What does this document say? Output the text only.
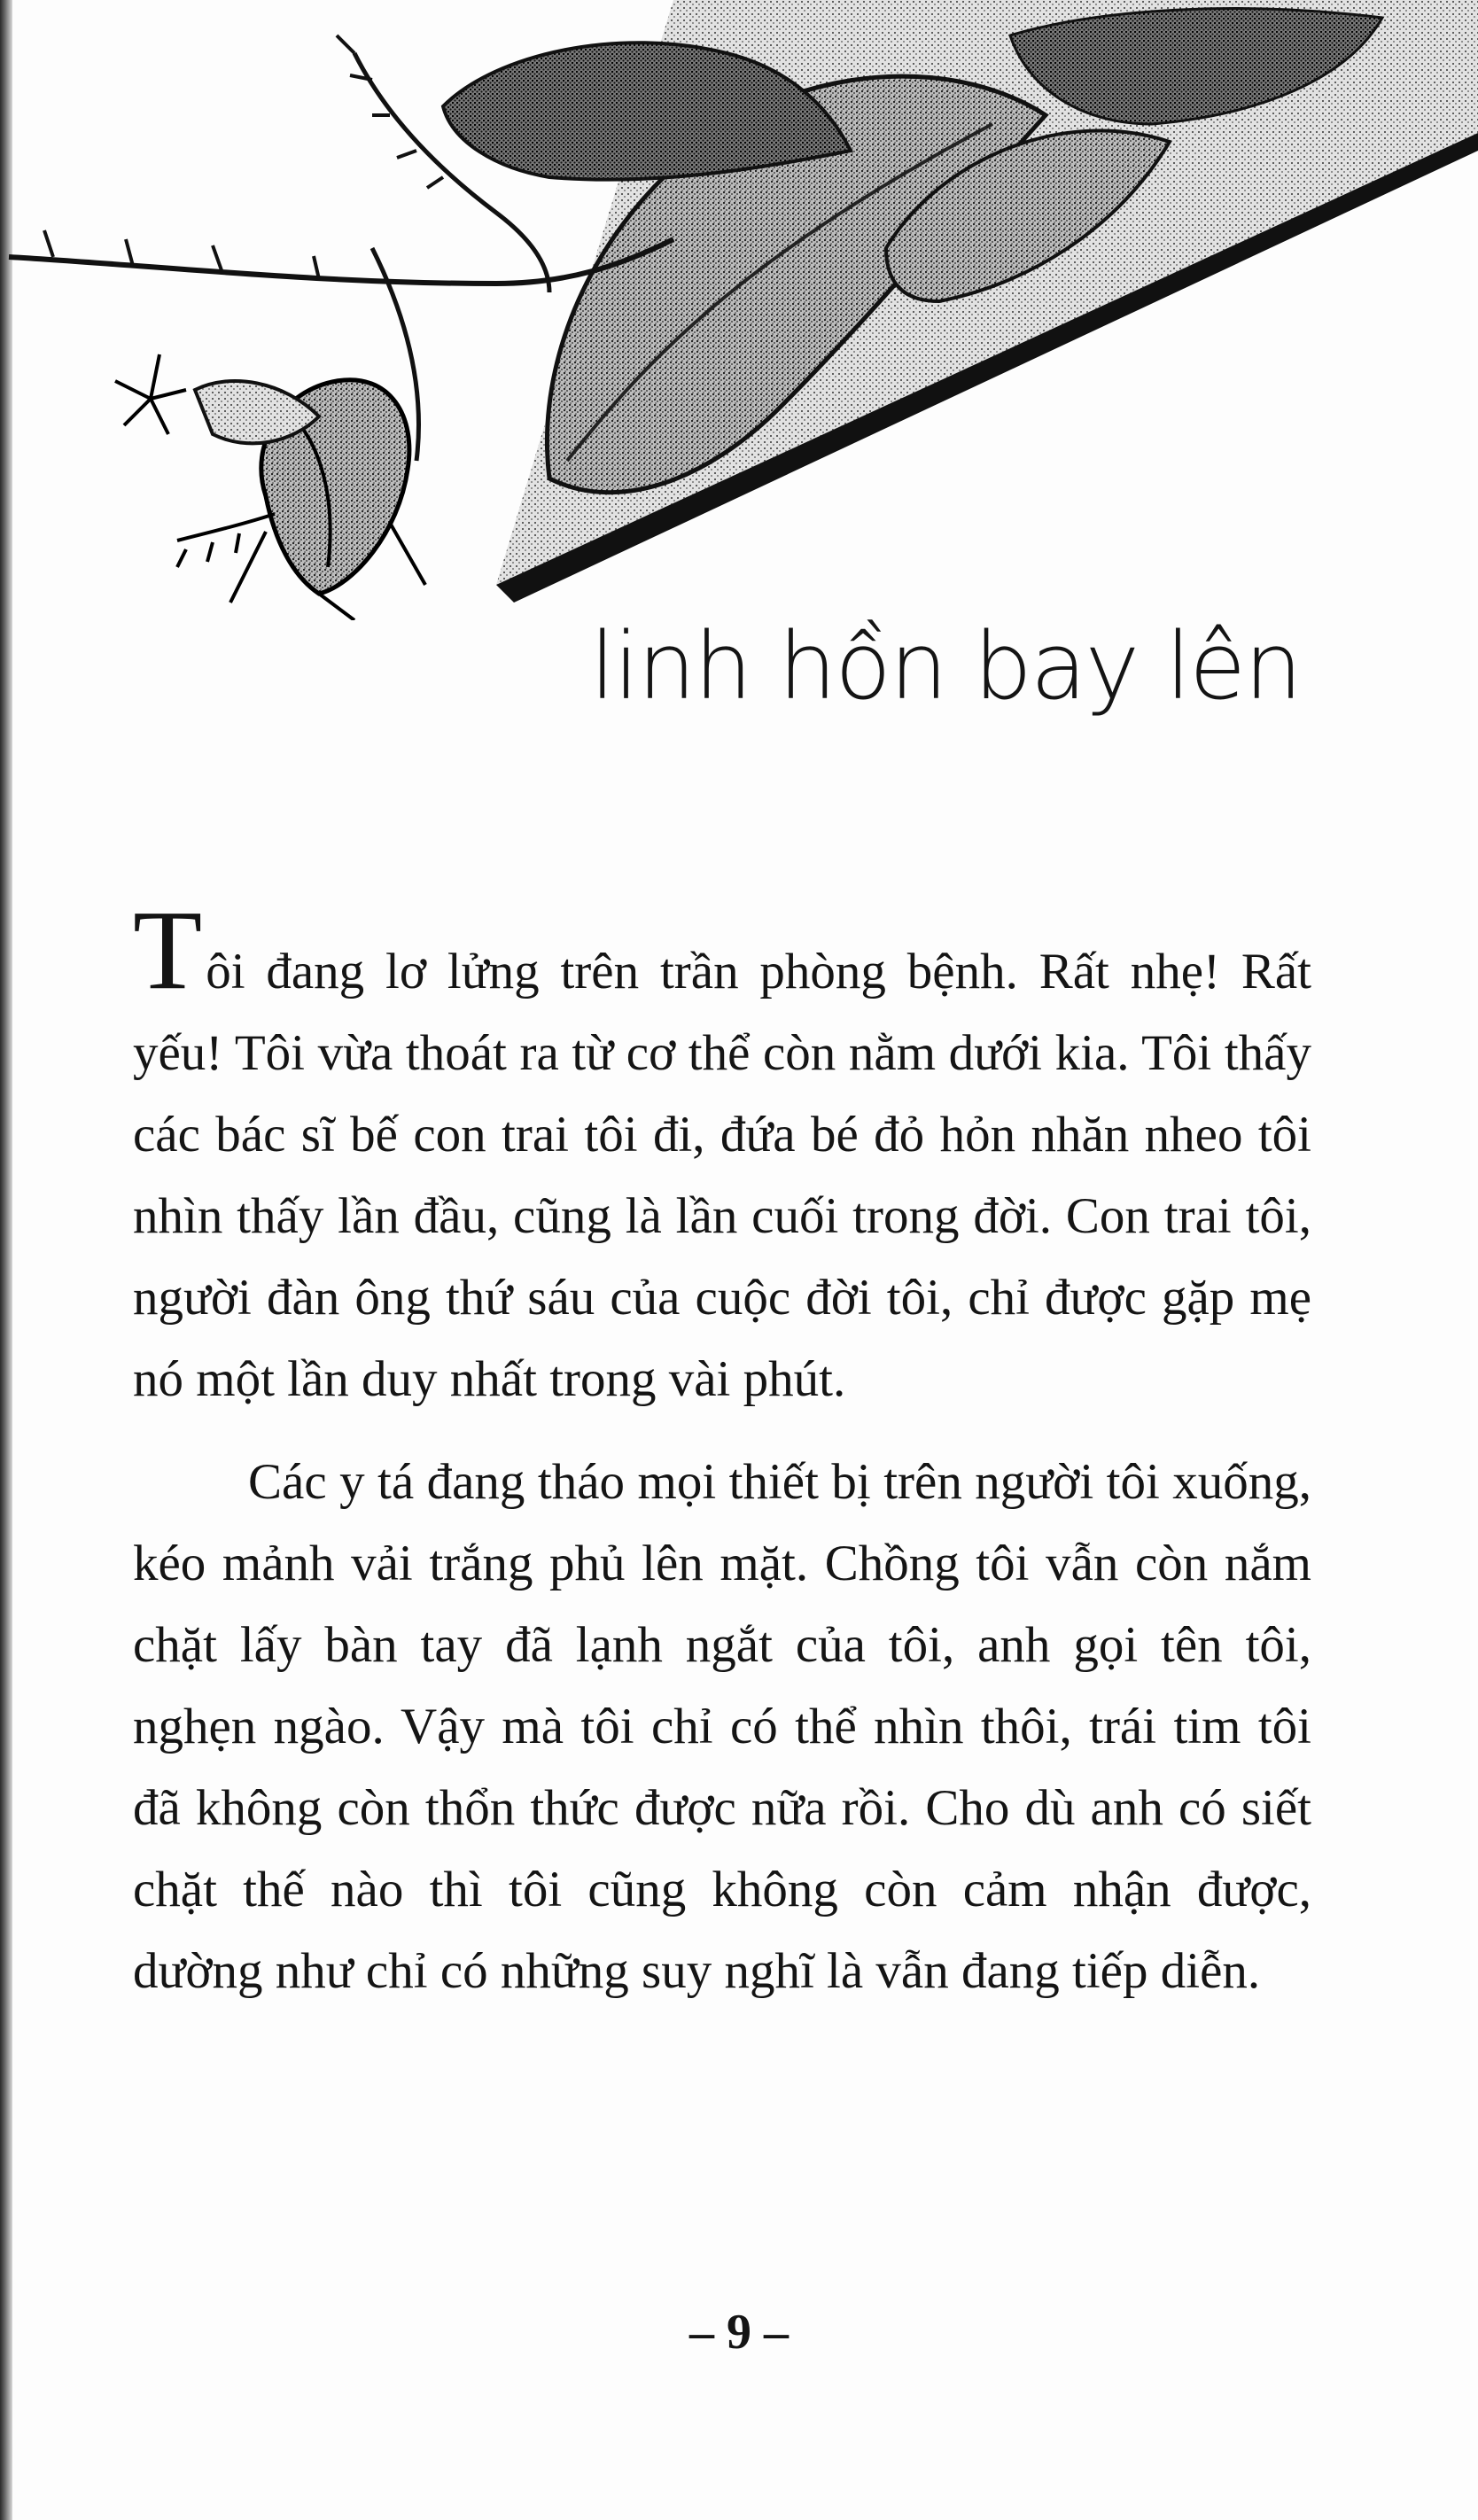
linh hồn bay lên

Tôi đang lơ lửng trên trần phòng bệnh. Rất nhẹ! Rất yếu! Tôi vừa thoát ra từ cơ thể còn nằm dưới kia. Tôi thấy các bác sĩ bế con trai tôi đi, đứa bé đỏ hỏn nhăn nheo tôi nhìn thấy lần đầu, cũng là lần cuối trong đời. Con trai tôi, người đàn ông thứ sáu của cuộc đời tôi, chỉ được gặp mẹ nó một lần duy nhất trong vài phút.

Các y tá đang tháo mọi thiết bị trên người tôi xuống, kéo mảnh vải trắng phủ lên mặt. Chồng tôi vẫn còn nắm chặt lấy bàn tay đã lạnh ngắt của tôi, anh gọi tên tôi, nghẹn ngào. Vậy mà tôi chỉ có thể nhìn thôi, trái tim tôi đã không còn thổn thức được nữa rồi. Cho dù anh có siết chặt thế nào thì tôi cũng không còn cảm nhận được, dường như chỉ có những suy nghĩ là vẫn đang tiếp diễn.

– 9 –
